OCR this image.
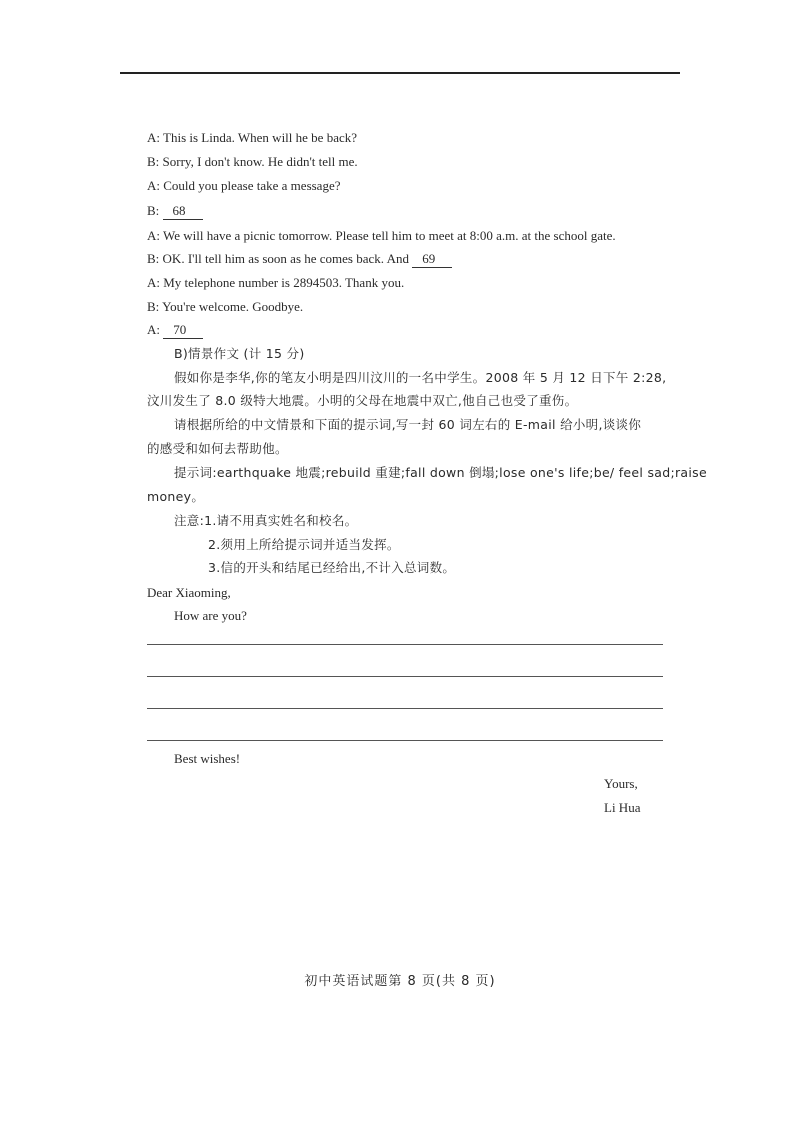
A: This is Linda. When will he be back?
B: Sorry, I don't know. He didn't tell me.
A: Could you please take a message?
B: 68
A: We will have a picnic tomorrow. Please tell him to meet at 8:00 a.m. at the school gate.
B: OK. I'll tell him as soon as he comes back. And 69
A: My telephone number is 2894503. Thank you.
B: You're welcome. Goodbye.
A: 70
B)情景作文 (计 15 分)
假如你是李华,你的笔友小明是四川汶川的一名中学生。2008 年 5 月 12 日下午 2:28,
汶川发生了 8.0 级特大地震。小明的父母在地震中双亡,他自己也受了重伤。
请根据所给的中文情景和下面的提示词,写一封 60 词左右的 E-mail 给小明,谈谈你
的感受和如何去帮助他。
提示词:earthquake 地震;rebuild 重建;fall down 倒塌;lose one's life;be/ feel sad;raise
money。
注意:1.请不用真实姓名和校名。
2.须用上所给提示词并适当发挥。
3.信的开头和结尾已经给出,不计入总词数。
Dear Xiaoming,
How are you?
Best wishes!
Yours,
Li Hua
初中英语试题第 8 页(共 8 页)
